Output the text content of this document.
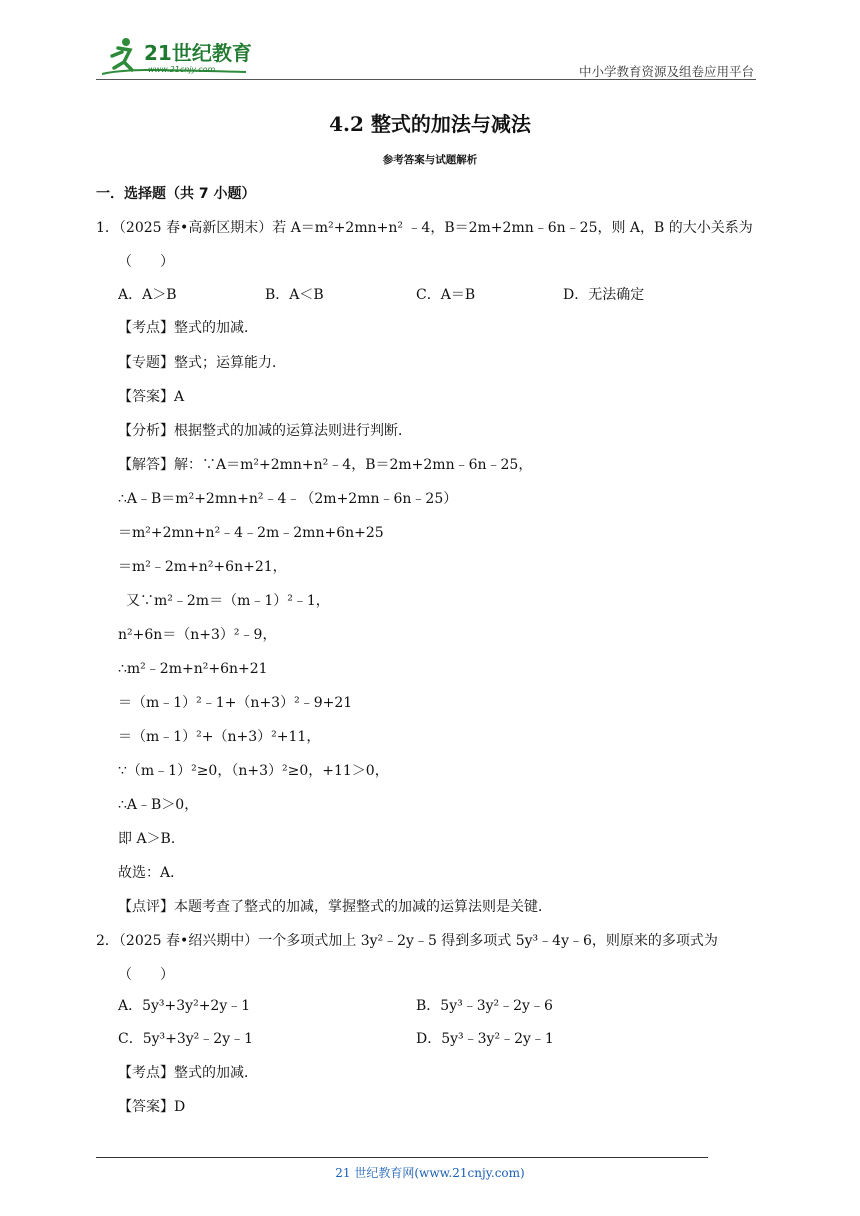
21世纪教育
www.21cnjy.com	中小学教育资源及组卷应用平台
4.2 整式的加法与减法
参考答案与试题解析
一．选择题（共 7 小题）
1．（2025 春•高新区期末）若 A＝m²+2mn+n² ﹣4，B＝2m+2mn﹣6n﹣25，则 A，B 的大小关系为
（　　）
【考点】整式的加减．
【专题】整式；运算能力．
【答案】A
【分析】根据整式的加减的运算法则进行判断．
【解答】解：∵A＝m²+2mn+n²﹣4，B＝2m+2mn﹣6n﹣25，
∴A﹣B＝m²+2mn+n²﹣4﹣（2m+2mn﹣6n﹣25）
＝m²+2mn+n²﹣4﹣2m﹣2mn+6n+25
＝m²﹣2m+n²+6n+21，
又∵m²﹣2m＝（m﹣1）²﹣1，
n²+6n＝（n+3）²﹣9，
∴m²﹣2m+n²+6n+21
＝（m﹣1）²﹣1+（n+3）²﹣9+21
＝（m﹣1）²+（n+3）²+11，
∵（m﹣1）²≥0，（n+3）²≥0，+11＞0，
∴A﹣B＞0，
即 A＞B．
故选：A．
【点评】本题考查了整式的加减，掌握整式的加减的运算法则是关键．
2．（2025 春•绍兴期中）一个多项式加上 3y²﹣2y﹣5 得到多项式 5y³﹣4y﹣6，则原来的多项式为
（　　）
【考点】整式的加减．
【答案】D
A．A＞B	B．A＜B	C．A＝B	D．无法确定
A．5y³+3y²+2y﹣1	B．5y³﹣3y²﹣2y﹣6
C．5y³+3y²﹣2y﹣1	D．5y³﹣3y²﹣2y﹣1
21 世纪教育网(www.21cnjy.com)
